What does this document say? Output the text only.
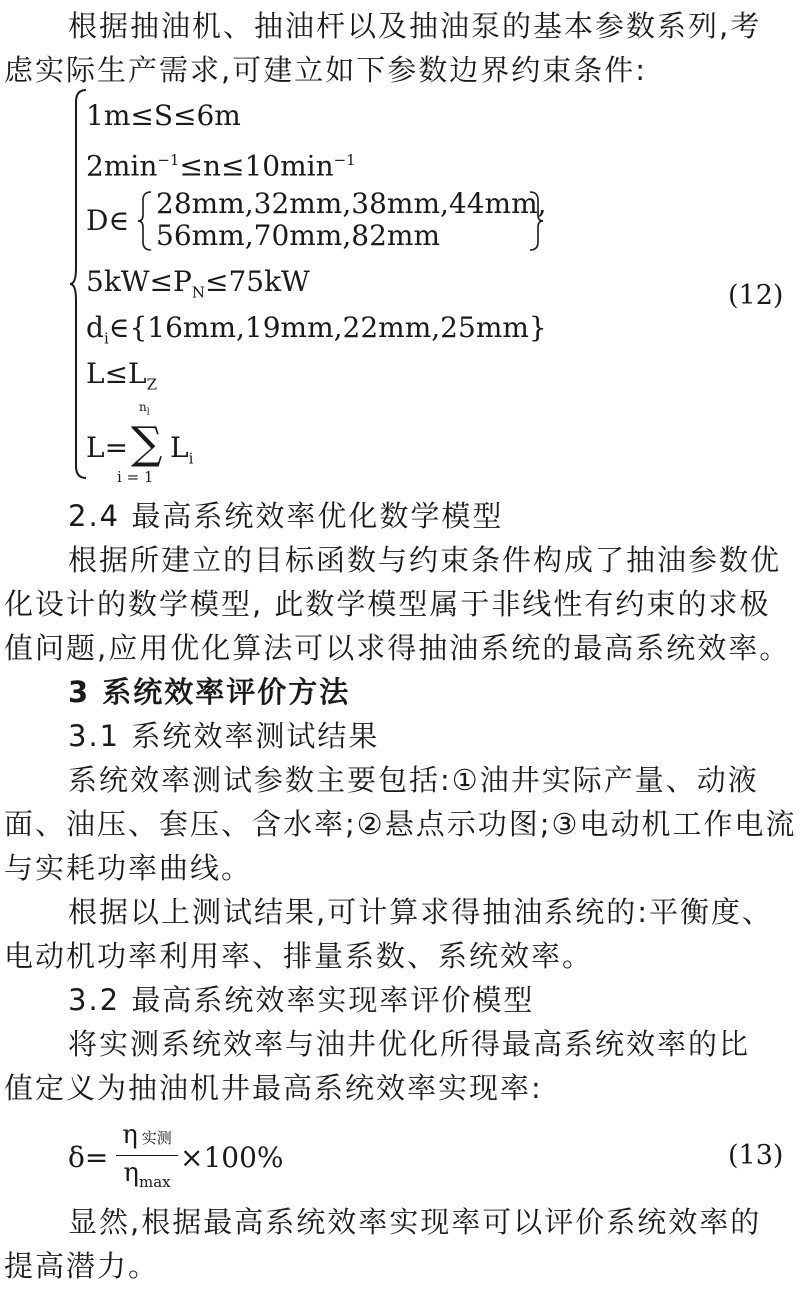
根据抽油机、抽油杆以及抽油泵的基本参数系列,考
虑实际生产需求,可建立如下参数边界约束条件:
1m≤S≤6m
$2\min^{-1}\le n\le 10\min^{-1}$
D∈
28mm,32mm,38mm,44mm,
56mm,70mm,82mm
$5kW\le P_N\le 75kW$	(12)
$d_i\in\{16mm,19mm,22mm,25mm\}$
$L\le L_Z$
L=
$n_l$
∑
i = 1
$L_i$
2.4 最高系统效率优化数学模型
根据所建立的目标函数与约束条件构成了抽油参数优
化设计的数学模型, 此数学模型属于非线性有约束的求极
值问题,应用优化算法可以求得抽油系统的最高系统效率。
3 系统效率评价方法
3.1 系统效率测试结果
系统效率测试参数主要包括:①油井实际产量、动液
面、油压、套压、含水率;②悬点示功图;③电动机工作电流
与实耗功率曲线。
根据以上测试结果,可计算求得抽油系统的:平衡度、
电动机功率利用率、排量系数、系统效率。
3.2 最高系统效率实现率评价模型
将实测系统效率与油井优化所得最高系统效率的比
值定义为抽油机井最高系统效率实现率:
δ=
η实测
$\eta_{max}$
×100%	(13)
显然,根据最高系统效率实现率可以评价系统效率的
提高潜力。
